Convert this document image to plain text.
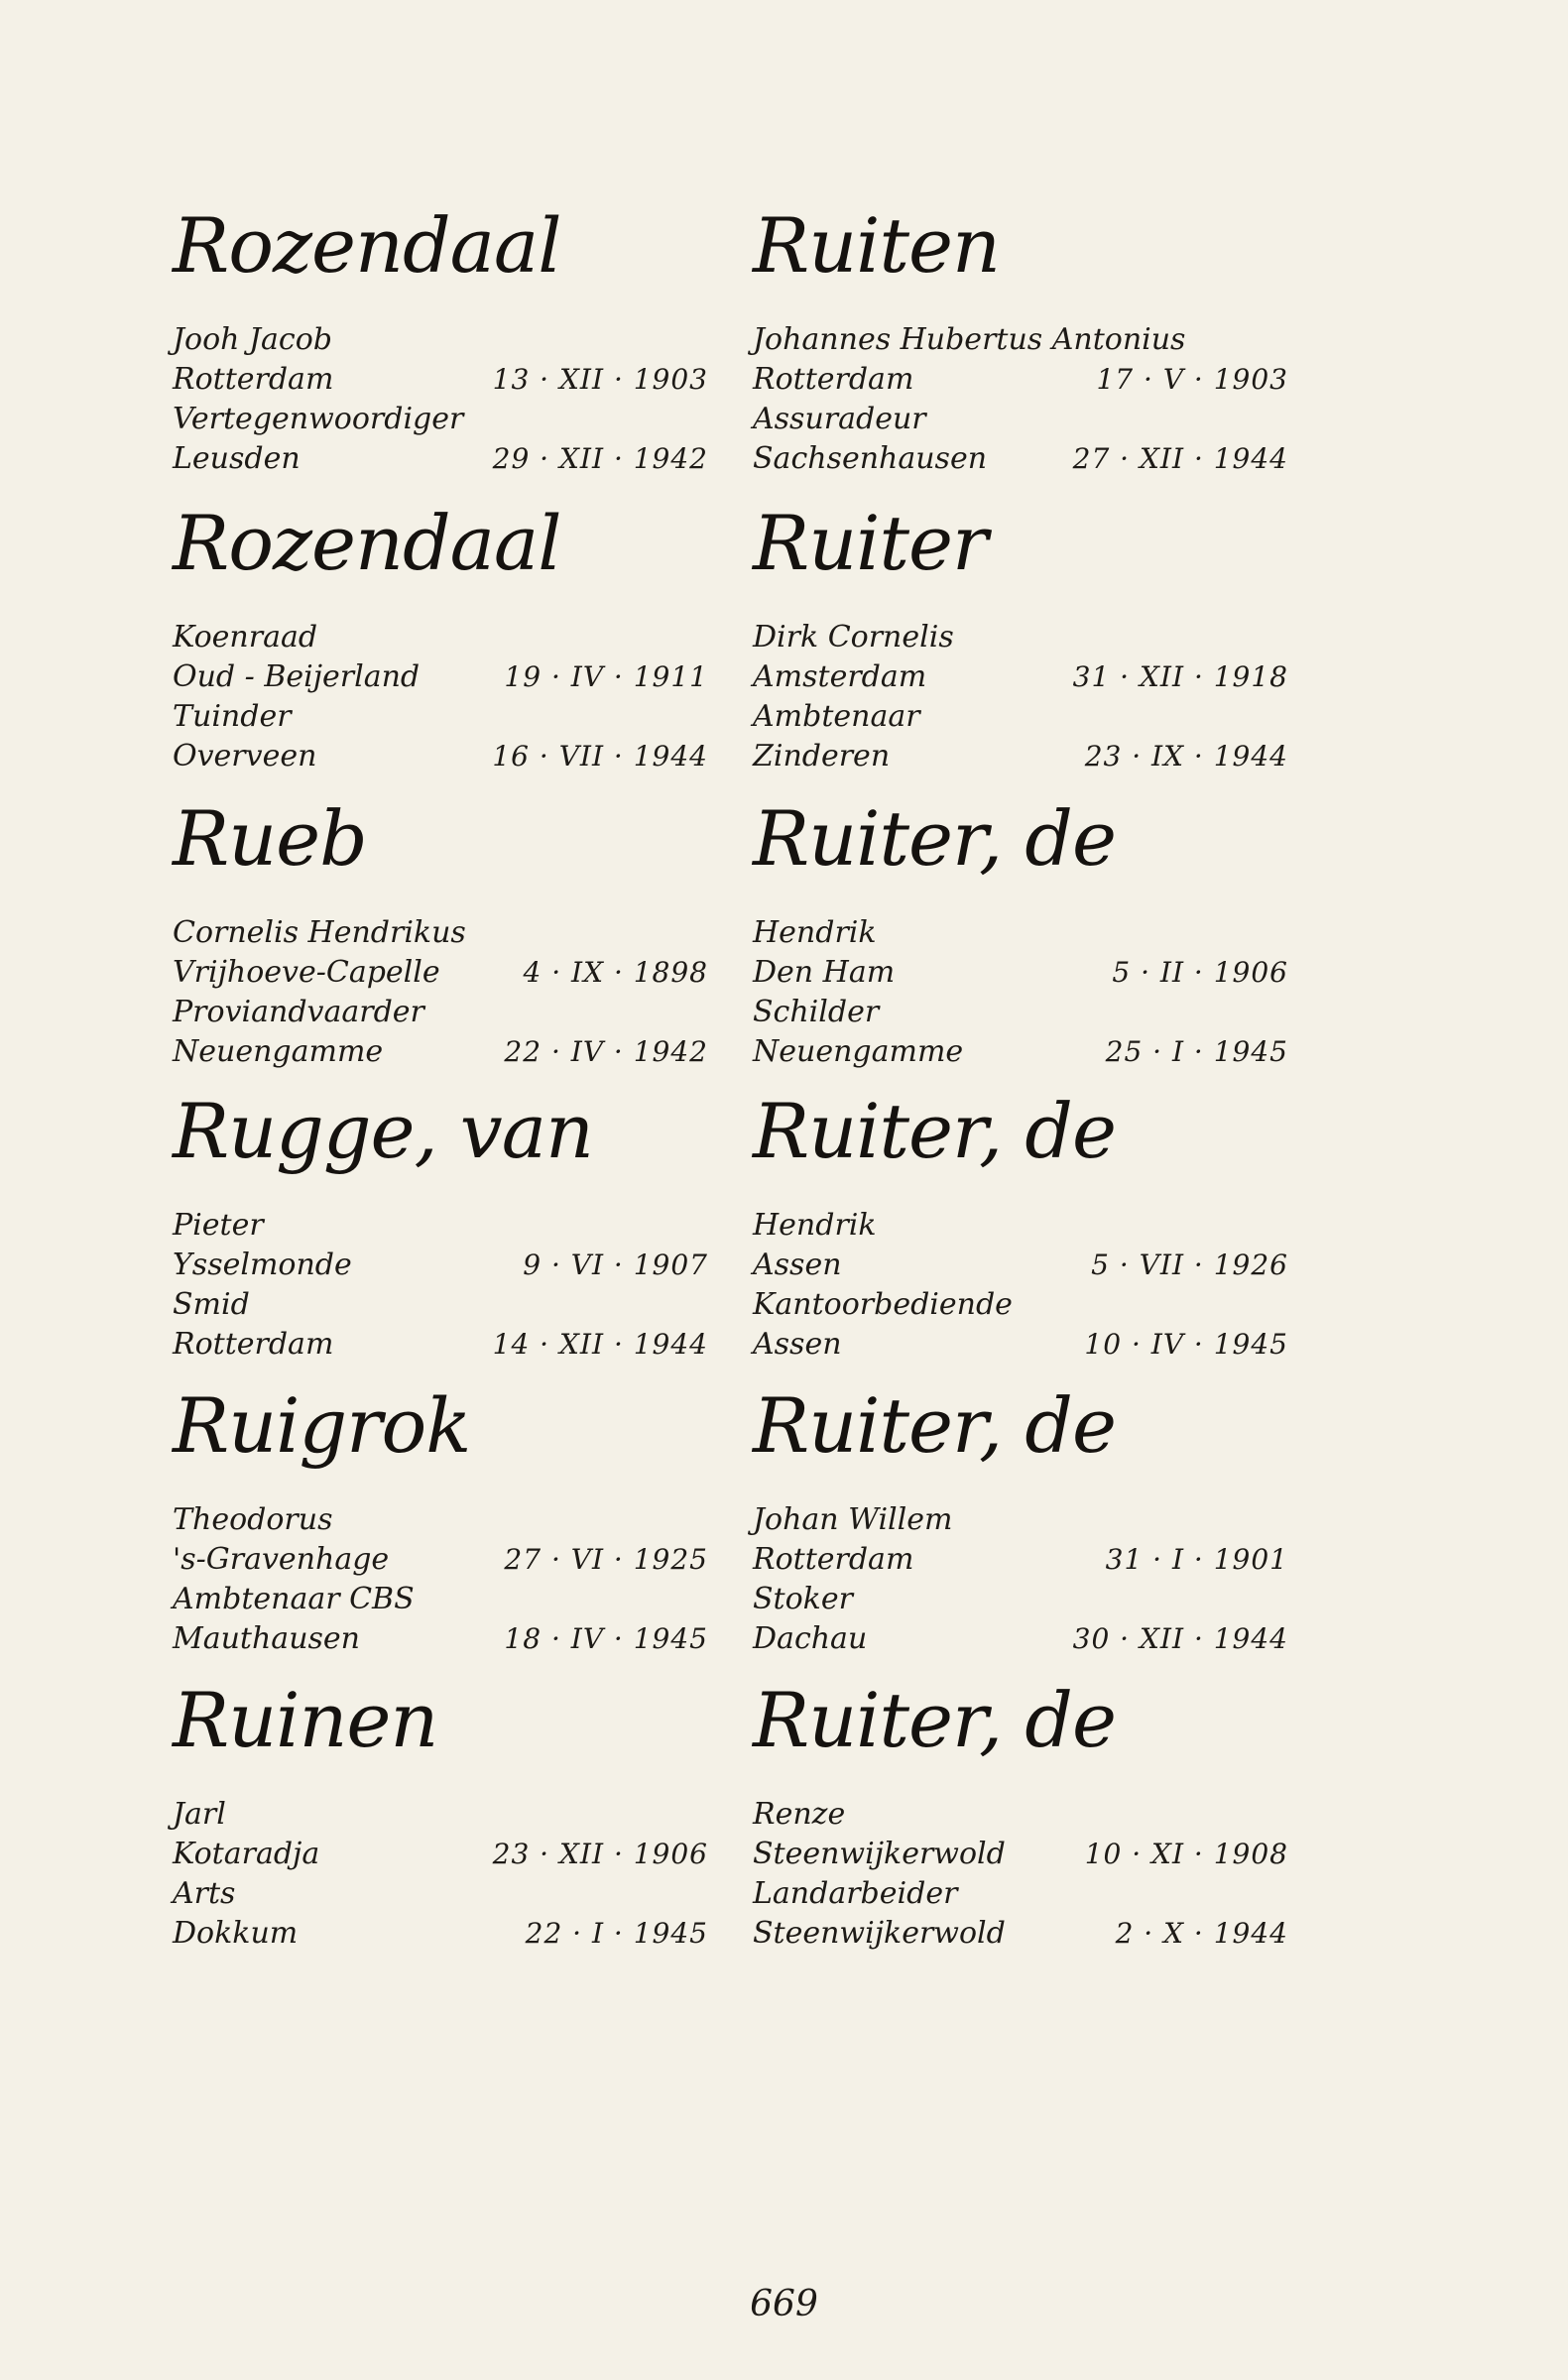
Rozendaal
Jooh Jacob
Rotterdam	13 · XII · 1903
Vertegenwoordiger
Leusden	29 · XII · 1942
Rozendaal
Koenraad
Oud - Beijerland	19 · IV · 1911
Tuinder
Overveen	16 · VII · 1944
Rueb
Cornelis Hendrikus
Vrijhoeve-Capelle	4 · IX · 1898
Proviandvaarder
Neuengamme	22 · IV · 1942
Rugge, van
Pieter
Ysselmonde	9 · VI · 1907
Smid
Rotterdam	14 · XII · 1944
Ruigrok
Theodorus
's-Gravenhage	27 · VI · 1925
Ambtenaar CBS
Mauthausen	18 · IV · 1945
Ruinen
Jarl
Kotaradja	23 · XII · 1906
Arts
Dokkum	22 · I · 1945
Ruiten
Johannes Hubertus Antonius
Rotterdam	17 · V · 1903
Assuradeur
Sachsenhausen	27 · XII · 1944
Ruiter
Dirk Cornelis
Amsterdam	31 · XII · 1918
Ambtenaar
Zinderen	23 · IX · 1944
Ruiter, de
Hendrik
Den Ham	5 · II · 1906
Schilder
Neuengamme	25 · I · 1945
Ruiter, de
Hendrik
Assen	5 · VII · 1926
Kantoorbediende
Assen	10 · IV · 1945
Ruiter, de
Johan Willem
Rotterdam	31 · I · 1901
Stoker
Dachau	30 · XII · 1944
Ruiter, de
Renze
Steenwijkerwold	10 · XI · 1908
Landarbeider
Steenwijkerwold	2 · X · 1944
669
